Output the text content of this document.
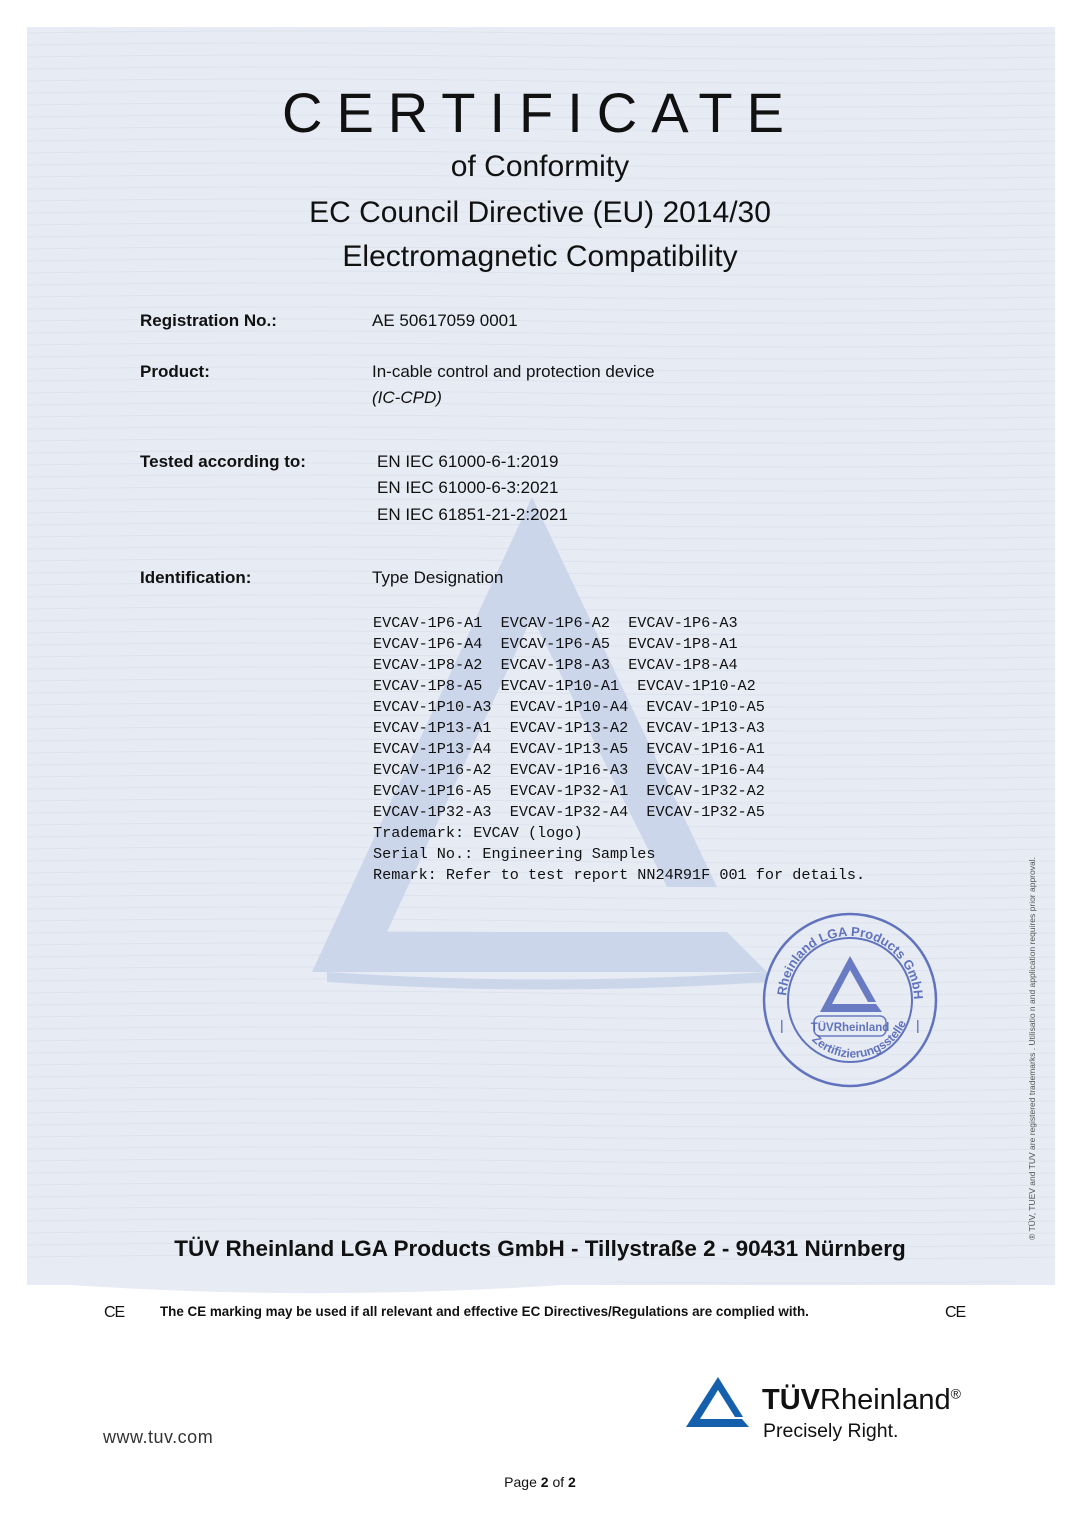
CERTIFICATE
of Conformity
EC Council Directive (EU) 2014/30
Electromagnetic Compatibility
Registration No.:	AE 50617059 0001
Product:	In-cable control and protection device
(IC-CPD)
Tested according to:	EN IEC 61000-6-1:2019
EN IEC 61000-6-3:2021
EN IEC 61851-21-2:2021
Identification:	Type Designation

EVCAV-1P6-A1  EVCAV-1P6-A2  EVCAV-1P6-A3
EVCAV-1P6-A4  EVCAV-1P6-A5  EVCAV-1P8-A1
EVCAV-1P8-A2  EVCAV-1P8-A3  EVCAV-1P8-A4
EVCAV-1P8-A5  EVCAV-1P10-A1  EVCAV-1P10-A2
EVCAV-1P10-A3  EVCAV-1P10-A4  EVCAV-1P10-A5
EVCAV-1P13-A1  EVCAV-1P13-A2  EVCAV-1P13-A3
EVCAV-1P13-A4  EVCAV-1P13-A5  EVCAV-1P16-A1
EVCAV-1P16-A2  EVCAV-1P16-A3  EVCAV-1P16-A4
EVCAV-1P16-A5  EVCAV-1P32-A1  EVCAV-1P32-A2
EVCAV-1P32-A3  EVCAV-1P32-A4  EVCAV-1P32-A5
Trademark: EVCAV (logo)
Serial No.: Engineering Samples
Remark: Refer to test report NN24R91F 001 for details.

Rheinland LGA Products GmbH
Zertifizierungsstelle
TÜVRheinland
|	|	® TÜV, TUEV and TUV are registered trademarks . Utilisatio n and application requires prior approval.
TÜV Rheinland LGA Products GmbH - Tillystraße 2 - 90431 Nürnberg
CE	The CE marking may be used if all relevant and effective EC Directives/Regulations are complied with.	CE
TÜVRheinland®
Precisely Right.
www.tuv.com
Page 2 of 2
